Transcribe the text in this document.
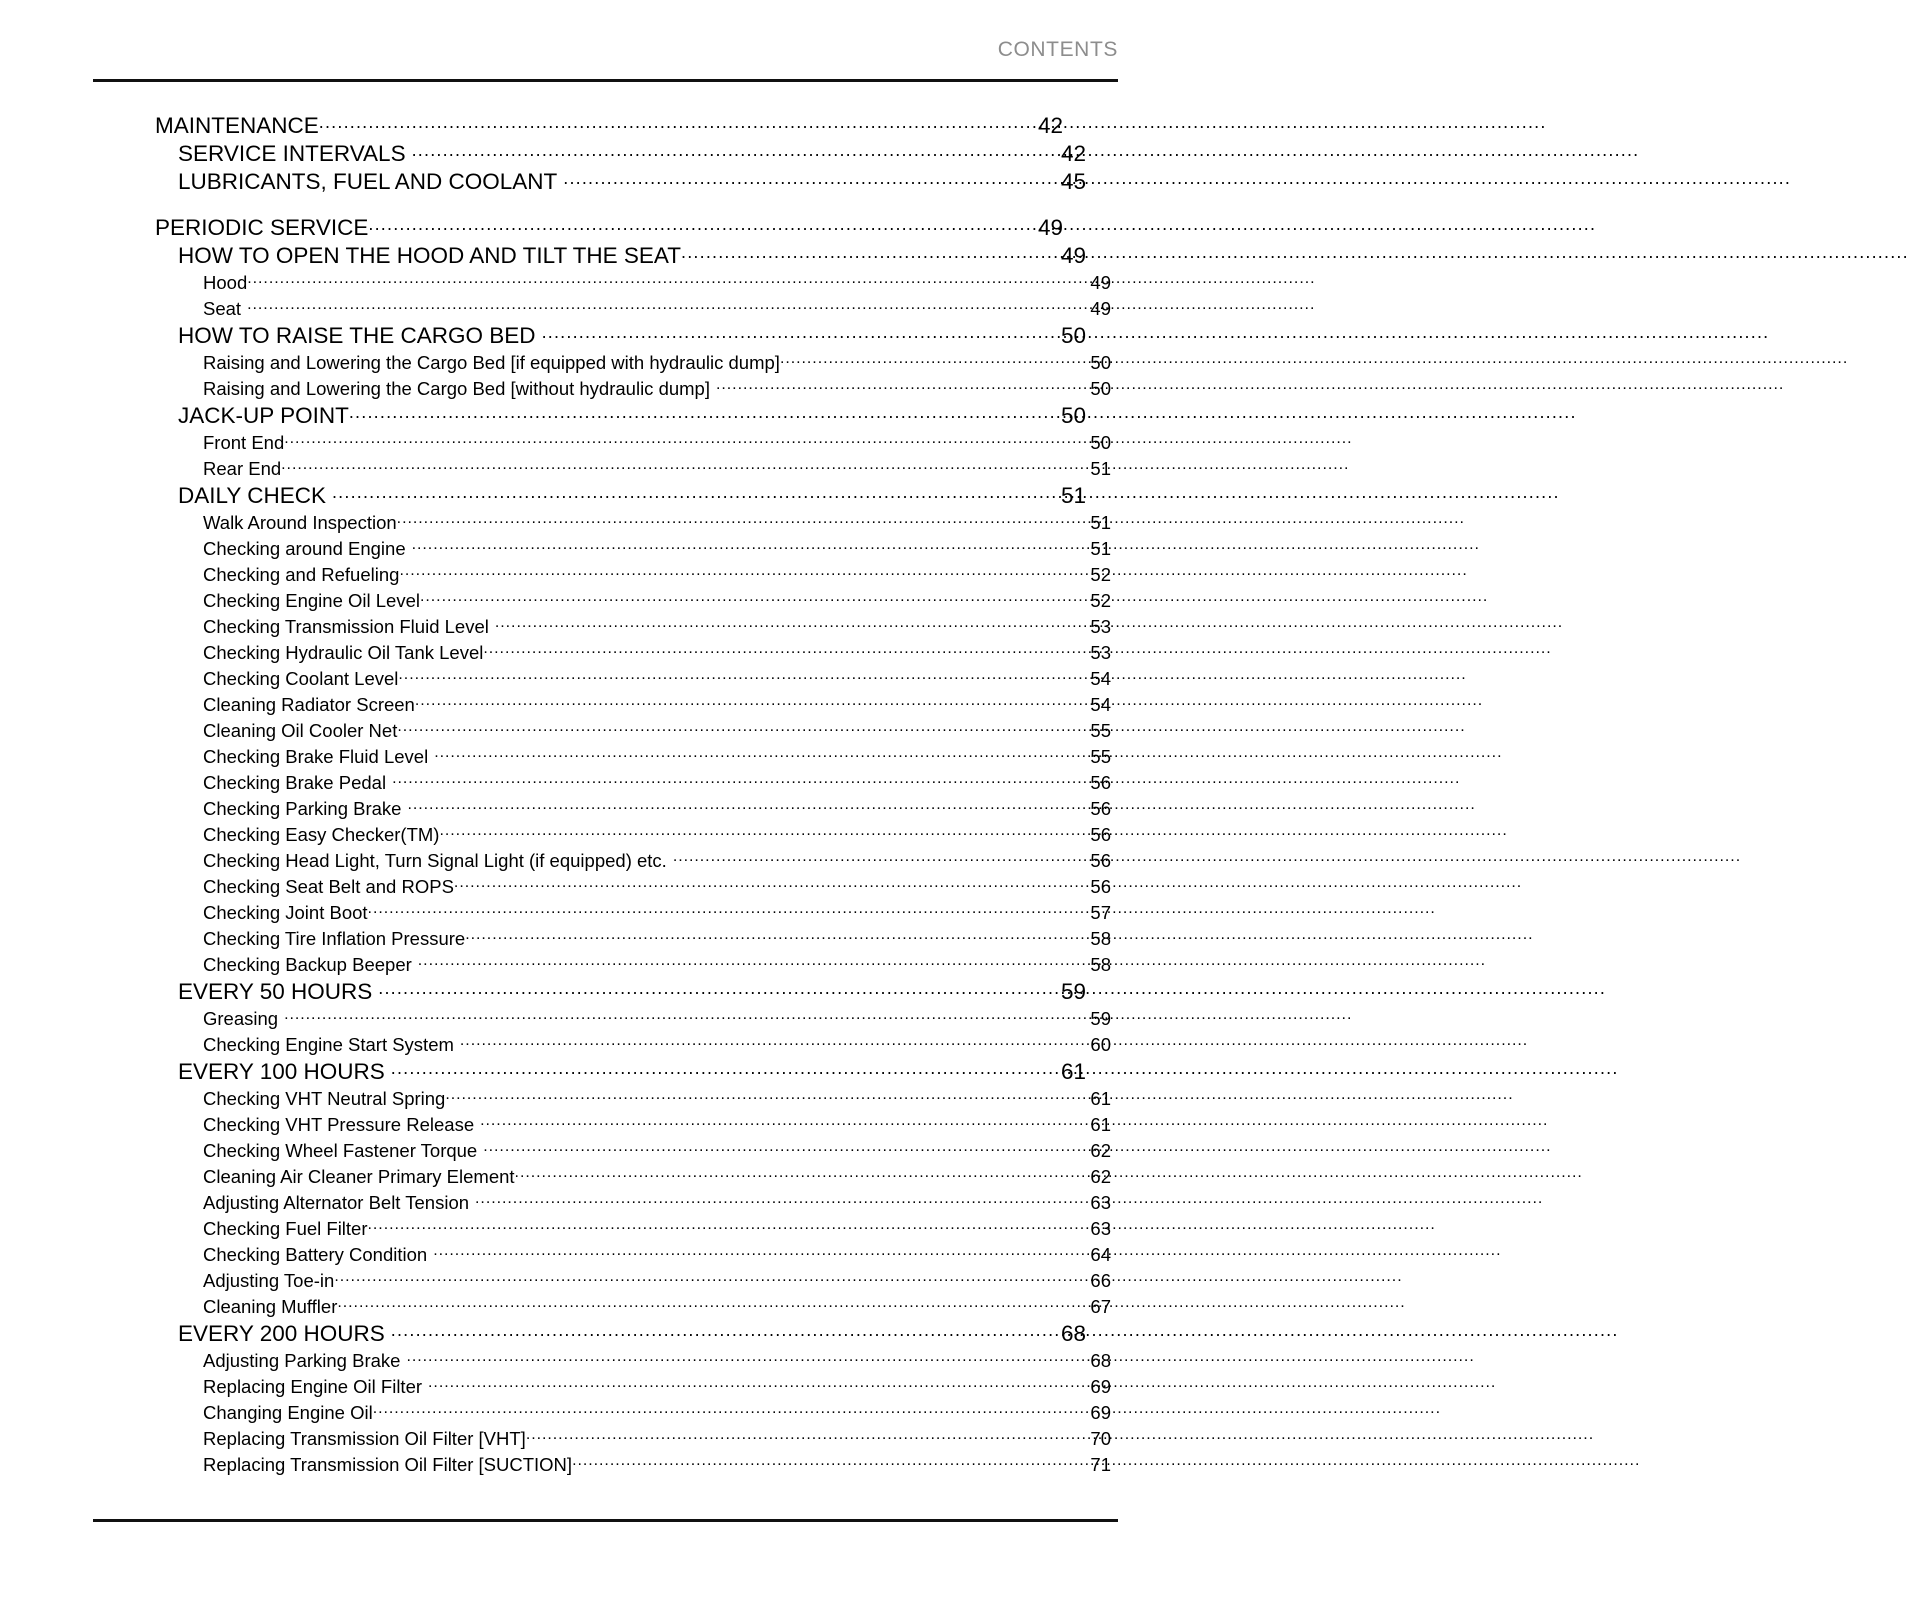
CONTENTS
MAINTENANCE .....	42
SERVICE INTERVALS .....	42
LUBRICANTS, FUEL AND COOLANT .....	45
PERIODIC SERVICE .....	49
HOW TO OPEN THE HOOD AND TILT THE SEAT .....	49
Hood .....	49
Seat .....	49
HOW TO RAISE THE CARGO BED .....	50
Raising and Lowering the Cargo Bed [if equipped with hydraulic dump] .....	50
Raising and Lowering the Cargo Bed [without hydraulic dump] .....	50
JACK-UP POINT .....	50
Front End .....	50
Rear End .....	51
DAILY CHECK .....	51
Walk Around Inspection .....	51
Checking around Engine .....	51
Checking and Refueling .....	52
Checking Engine Oil Level .....	52
Checking Transmission Fluid Level .....	53
Checking Hydraulic Oil Tank Level .....	53
Checking Coolant Level .....	54
Cleaning Radiator Screen .....	54
Cleaning Oil Cooler Net .....	55
Checking Brake Fluid Level .....	55
Checking Brake Pedal .....	56
Checking Parking Brake .....	56
Checking Easy Checker(TM) .....	56
Checking Head Light, Turn Signal Light (if equipped) etc. .....	56
Checking Seat Belt and ROPS .....	56
Checking Joint Boot .....	57
Checking Tire Inflation Pressure .....	58
Checking Backup Beeper .....	58
EVERY 50 HOURS .....	59
Greasing .....	59
Checking Engine Start System .....	60
EVERY 100 HOURS .....	61
Checking VHT Neutral Spring .....	61
Checking VHT Pressure Release .....	61
Checking Wheel Fastener Torque .....	62
Cleaning Air Cleaner Primary Element .....	62
Adjusting Alternator Belt Tension .....	63
Checking Fuel Filter .....	63
Checking Battery Condition .....	64
Adjusting Toe-in .....	66
Cleaning Muffler .....	67
EVERY 200 HOURS .....	68
Adjusting Parking Brake .....	68
Replacing Engine Oil Filter .....	69
Changing Engine Oil .....	69
Replacing Transmission Oil Filter [VHT] .....	70
Replacing Transmission Oil Filter [SUCTION] .....	71
